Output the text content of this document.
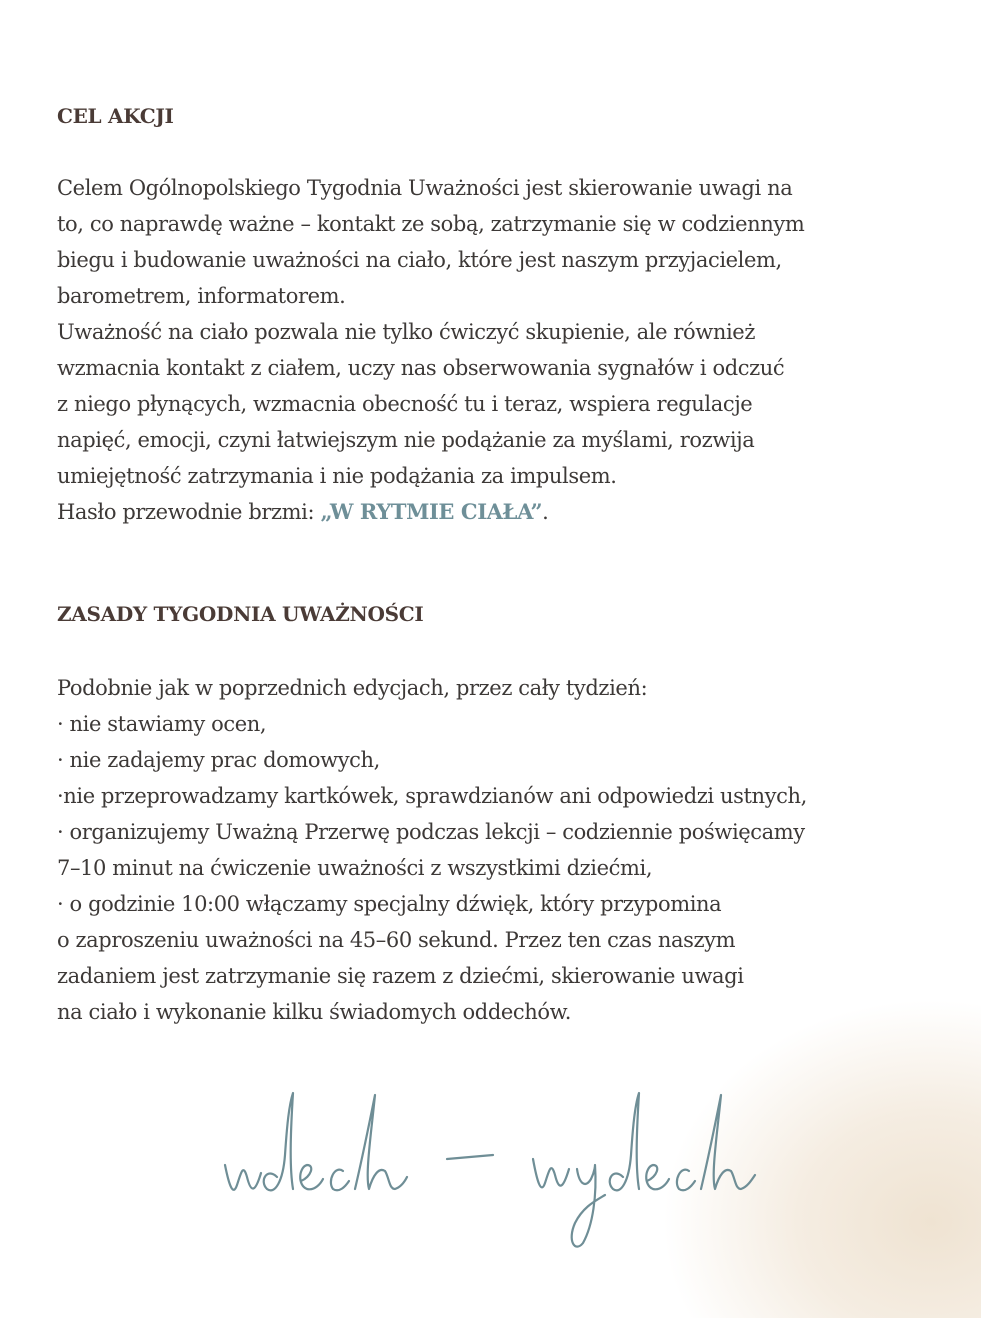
CEL AKCJI
Celem Ogólnopolskiego Tygodnia Uważności jest skierowanie uwagi na
to, co naprawdę ważne – kontakt ze sobą, zatrzymanie się w codziennym
biegu i budowanie uważności na ciało, które jest naszym przyjacielem,
barometrem, informatorem.
Uważność na ciało pozwala nie tylko ćwiczyć skupienie, ale również
wzmacnia kontakt z ciałem, uczy nas obserwowania sygnałów i odczuć
z niego płynących, wzmacnia obecność tu i teraz, wspiera regulacje
napięć, emocji, czyni łatwiejszym nie podążanie za myślami, rozwija
umiejętność zatrzymania i nie podążania za impulsem.
Hasło przewodnie brzmi: „W RYTMIE CIAŁA”.
ZASADY TYGODNIA UWAŻNOŚCI
Podobnie jak w poprzednich edycjach, przez cały tydzień:
· nie stawiamy ocen,
· nie zadajemy prac domowych,
·nie przeprowadzamy kartkówek, sprawdzianów ani odpowiedzi ustnych,
· organizujemy Uważną Przerwę podczas lekcji – codziennie poświęcamy
7–10 minut na ćwiczenie uważności z wszystkimi dziećmi,
· o godzinie 10:00 włączamy specjalny dźwięk, który przypomina
o zaproszeniu uważności na 45–60 sekund. Przez ten czas naszym
zadaniem jest zatrzymanie się razem z dziećmi, skierowanie uwagi
na ciało i wykonanie kilku świadomych oddechów.
